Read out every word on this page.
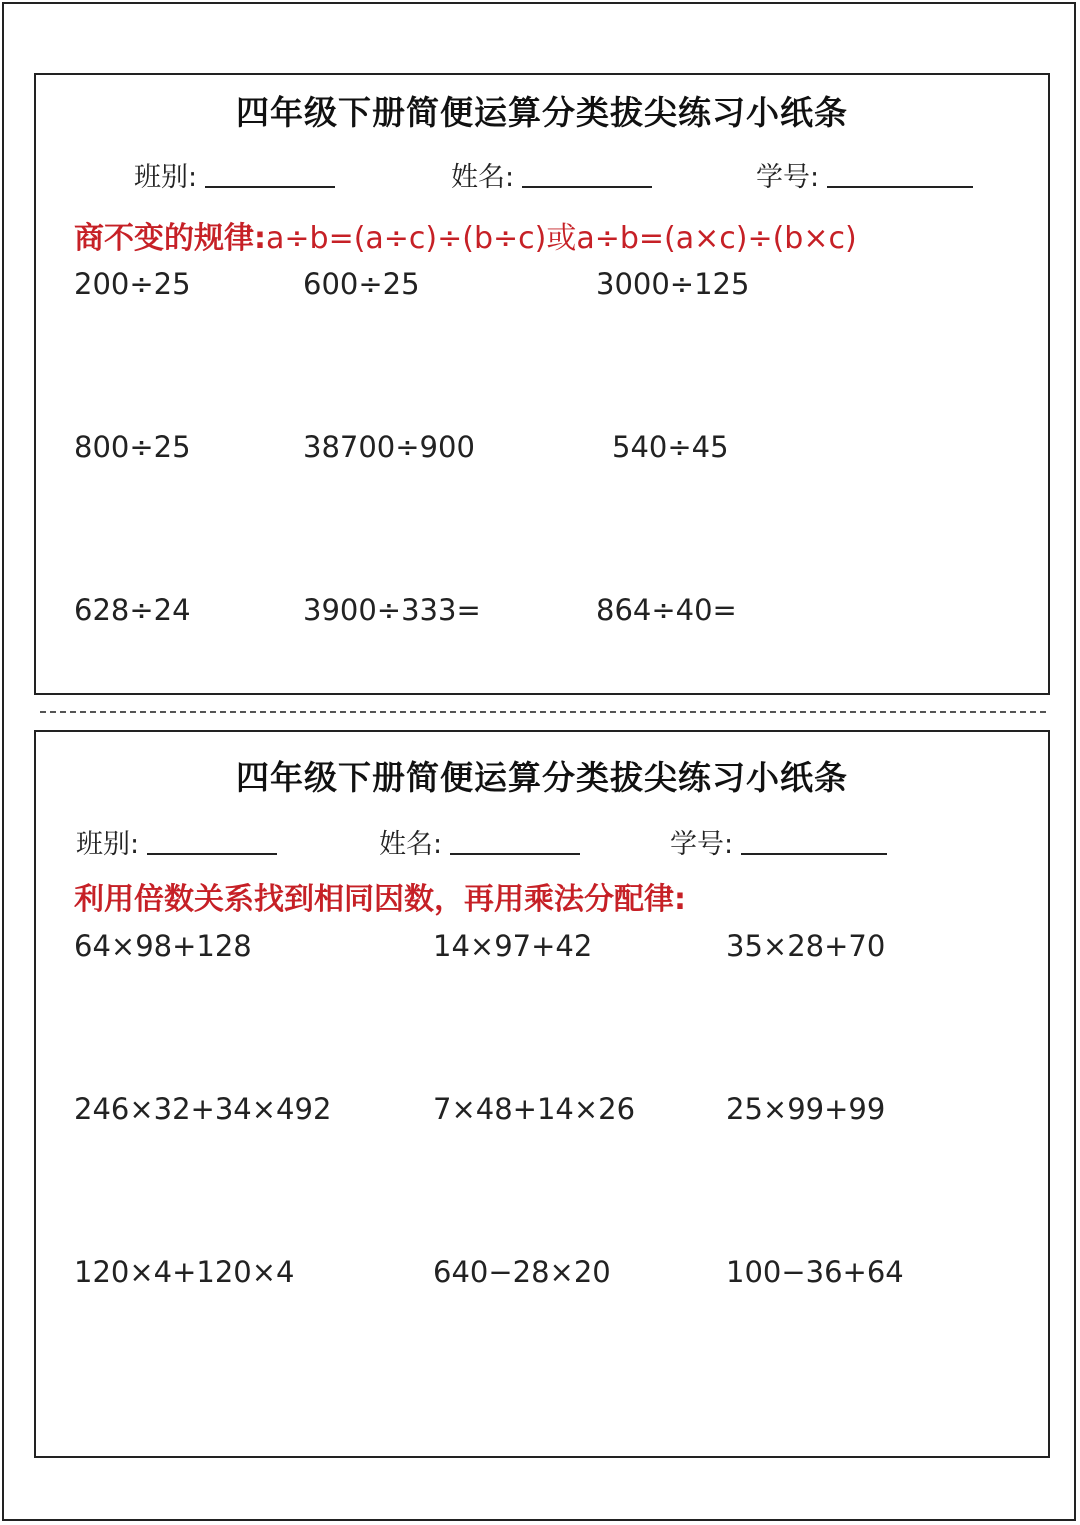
四年级下册简便运算分类拔尖练习小纸条
班别:	姓名:	学号:
商不变的规律:a÷b=(a÷c)÷(b÷c)或a÷b=(a×c)÷(b×c)
200÷25	600÷25	3000÷125
800÷25	38700÷900	540÷45
628÷24	3900÷333=	864÷40=
四年级下册简便运算分类拔尖练习小纸条
班别:	姓名:	学号:
利用倍数关系找到相同因数，再用乘法分配律:
64×98+128	14×97+42	35×28+70
246×32+34×492	7×48+14×26	25×99+99
120×4+120×4	640−28×20	100−36+64
